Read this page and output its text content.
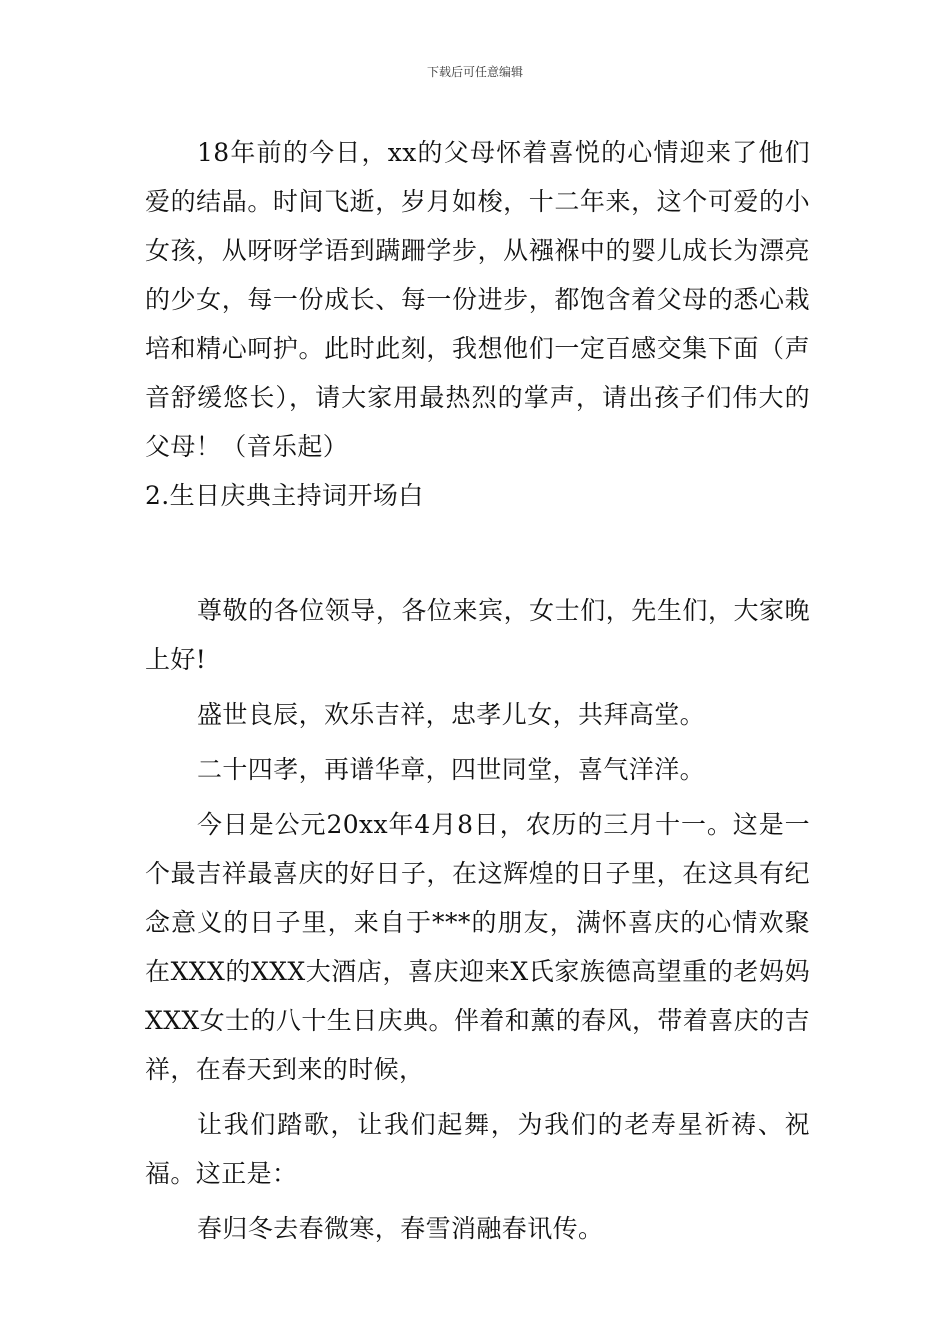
下载后可任意编辑

18年前的今日，xx的父母怀着喜悦的心情迎来了他们爱的结晶。时间飞逝，岁月如梭，十二年来，这个可爱的小女孩，从呀呀学语到蹒跚学步，从襁褓中的婴儿成长为漂亮的少女，每一份成长、每一份进步，都饱含着父母的悉心栽培和精心呵护。此时此刻，我想他们一定百感交集下面（声音舒缓悠长），请大家用最热烈的掌声，请出孩子们伟大的父母！（音乐起）

2.生日庆典主持词开场白

尊敬的各位领导，各位来宾，女士们，先生们，大家晚上好!

盛世良辰，欢乐吉祥，忠孝儿女，共拜高堂。

二十四孝，再谱华章，四世同堂，喜气洋洋。

今日是公元20xx年4月8日，农历的三月十一。这是一个最吉祥最喜庆的好日子，在这辉煌的日子里，在这具有纪念意义的日子里，来自于***的朋友，满怀喜庆的心情欢聚在XXX的XXX大酒店，喜庆迎来X氏家族德高望重的老妈妈XXX女士的八十生日庆典。伴着和薰的春风，带着喜庆的吉祥，在春天到来的时候，

让我们踏歌，让我们起舞，为我们的老寿星祈祷、祝福。这正是：

春归冬去春微寒，春雪消融春讯传。
